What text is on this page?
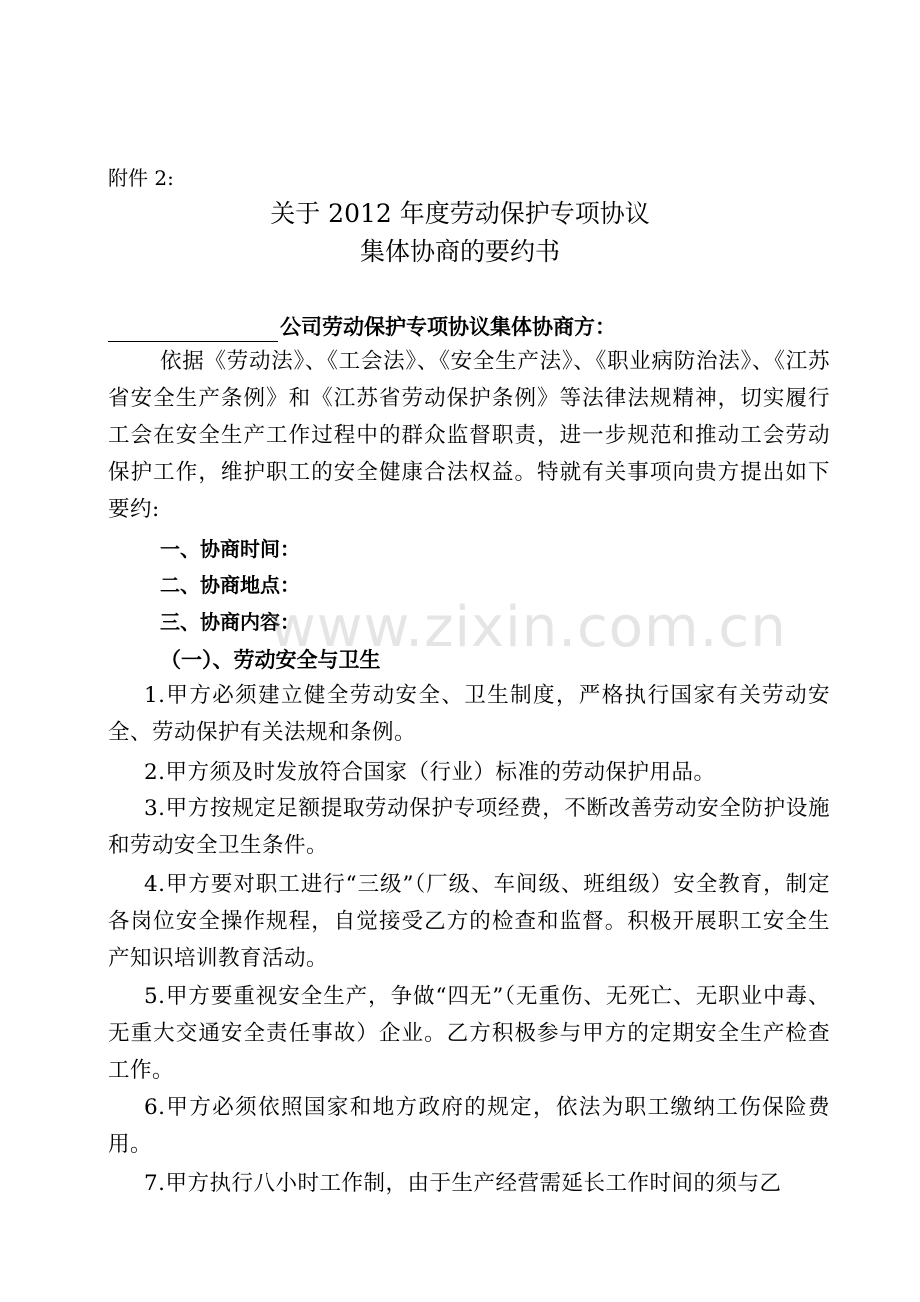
附件 2:
关于 2012 年度劳动保护专项协议
集体协商的要约书
公司劳动保护专项协议集体协商方：
依据《劳动法》、《工会法》、《安全生产法》、《职业病防治法》、《江苏省安全生产条例》和《江苏省劳动保护条例》等法律法规精神，切实履行工会在安全生产工作过程中的群众监督职责，进一步规范和推动工会劳动保护工作，维护职工的安全健康合法权益。特就有关事项向贵方提出如下要约:
一、协商时间：
二、协商地点：
三、协商内容：
（一）、劳动安全与卫生
1.甲方必须建立健全劳动安全、卫生制度，严格执行国家有关劳动安全、劳动保护有关法规和条例。
2.甲方须及时发放符合国家（行业）标准的劳动保护用品。
3.甲方按规定足额提取劳动保护专项经费，不断改善劳动安全防护设施和劳动安全卫生条件。
4.甲方要对职工进行“三级”（厂级、车间级、班组级）安全教育，制定各岗位安全操作规程，自觉接受乙方的检查和监督。积极开展职工安全生产知识培训教育活动。
5.甲方要重视安全生产，争做“四无”（无重伤、无死亡、无职业中毒、无重大交通安全责任事故）企业。乙方积极参与甲方的定期安全生产检查工作。
6.甲方必须依照国家和地方政府的规定，依法为职工缴纳工伤保险费用。
7.甲方执行八小时工作制，由于生产经营需延长工作时间的须与乙
www.zixin.com.cn
